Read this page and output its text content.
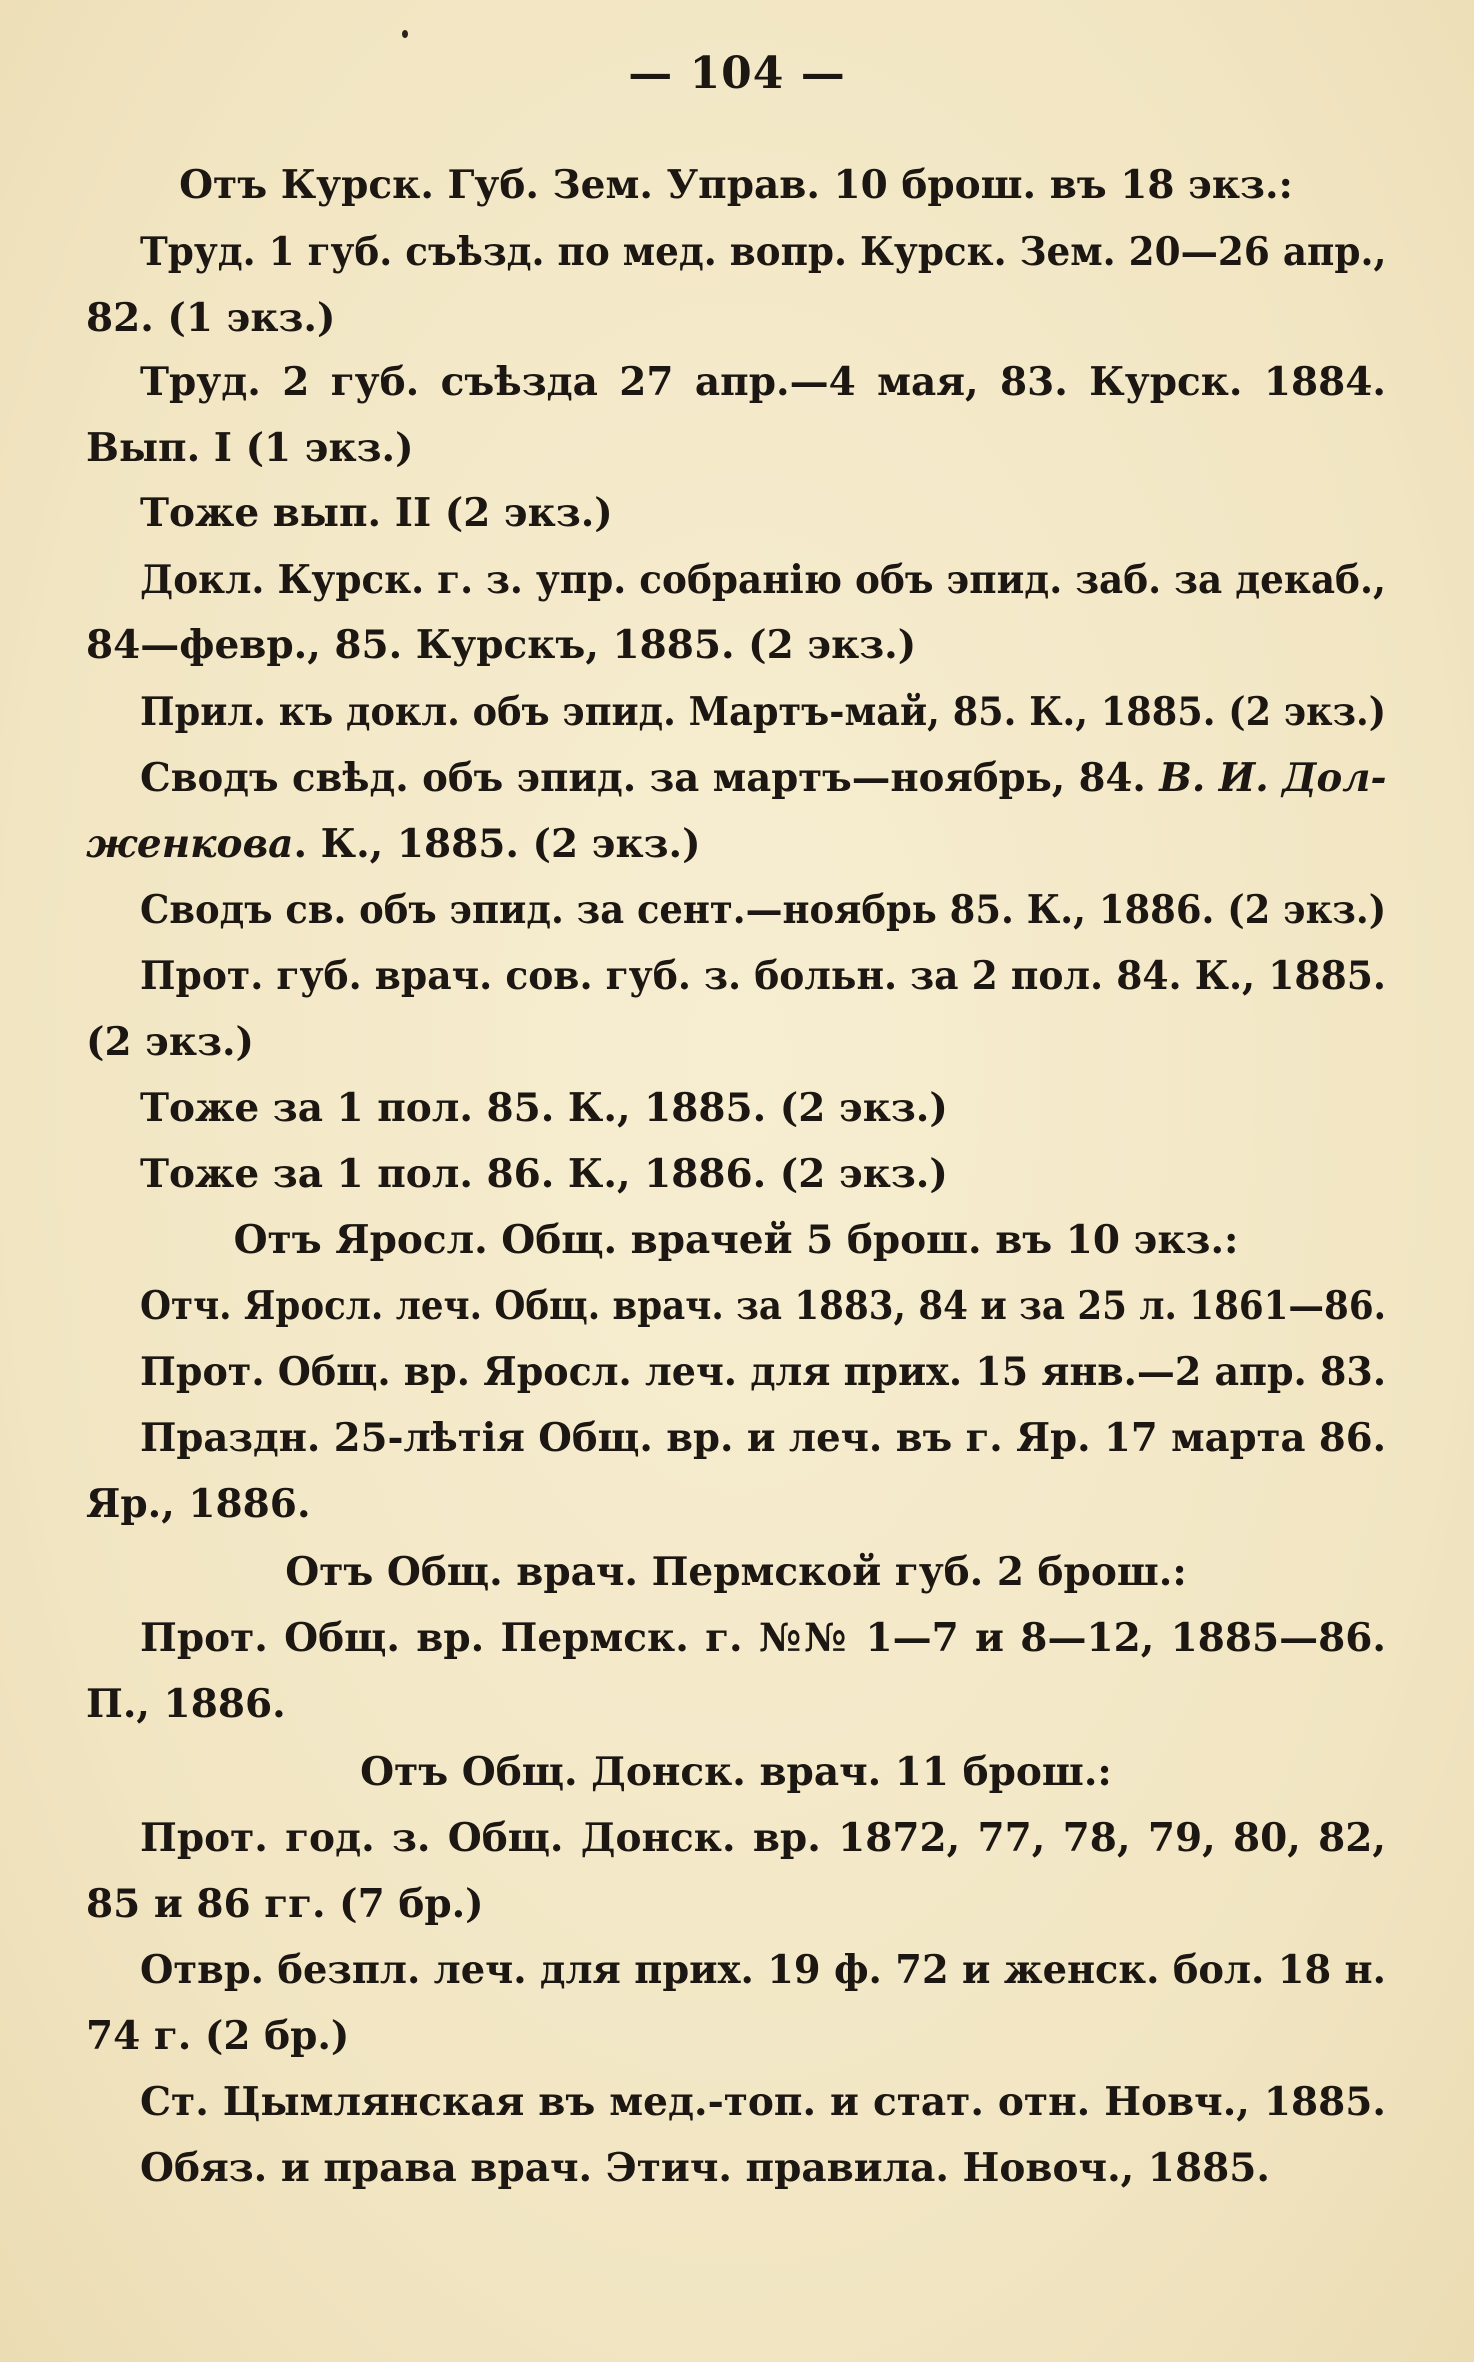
— 104 —
Отъ Курск. Губ. Зем. Управ. 10 брош. въ 18 экз.:
Труд. 1 губ. съѣзд. по мед. вопр. Курск. Зем. 20—26 апр.,
82. (1 экз.)
Труд. 2 губ. съѣзда 27 апр.—4 мая, 83. Курск. 1884.
Вып. I (1 экз.)
Тоже вып. II (2 экз.)
Докл. Курск. г. з. упр. собранію объ эпид. заб. за декаб.,
84—февр., 85. Курскъ, 1885. (2 экз.)
Прил. къ докл. объ эпид. Мартъ-май, 85. К., 1885. (2 экз.)
Сводъ свѣд. объ эпид. за мартъ—ноябрь, 84. В. И. Дол-
женкова. К., 1885. (2 экз.)
Сводъ св. объ эпид. за сент.—ноябрь 85. К., 1886. (2 экз.)
Прот. губ. врач. сов. губ. з. больн. за 2 пол. 84. К., 1885.
(2 экз.)
Тоже за 1 пол. 85. К., 1885. (2 экз.)
Тоже за 1 пол. 86. К., 1886. (2 экз.)
Отъ Яросл. Общ. врачей 5 брош. въ 10 экз.:
Отч. Яросл. леч. Общ. врач. за 1883, 84 и за 25 л. 1861—86.
Прот. Общ. вр. Яросл. леч. для прих. 15 янв.—2 апр. 83.
Праздн. 25-лѣтія Общ. вр. и леч. въ г. Яр. 17 марта 86.
Яр., 1886.
Отъ Общ. врач. Пермской губ. 2 брош.:
Прот. Общ. вр. Пермск. г. №№ 1—7 и 8—12, 1885—86.
П., 1886.
Отъ Общ. Донск. врач. 11 брош.:
Прот. год. з. Общ. Донск. вр. 1872, 77, 78, 79, 80, 82,
85 и 86 гг. (7 бр.)
Отвр. безпл. леч. для прих. 19 ф. 72 и женск. бол. 18 н.
74 г. (2 бр.)
Ст. Цымлянская въ мед.-топ. и стат. отн. Новч., 1885.
Обяз. и права врач. Этич. правила. Новоч., 1885.
